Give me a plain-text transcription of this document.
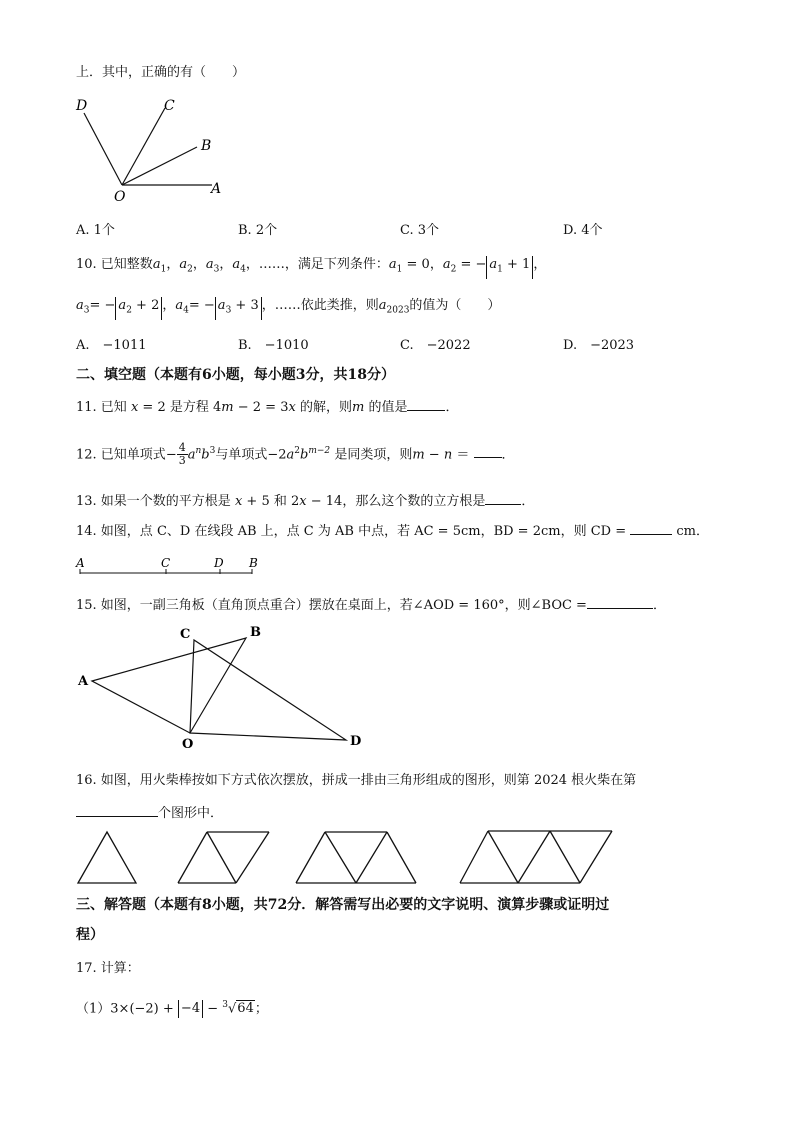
上．其中，正确的有（　　）
D	C
B
O	A
A. 1个	B. 2个	C. 3个	D. 4个
10. 已知整数$a_1$，$a_2$，$a_3$，$a_4$，……，满足下列条件：$a_1 = 0$，$a_2$ = − $a_1 + 1$ ，
$a_3= - a_2 + 2$ ，$a_4= - a_3 + 3$ ，……依此类推，则$a_{2023}$的值为（　　）
A.　−1011	B.　−1010	C.　−2022	D.　−2023
二、填空题（本题有6小题，每小题3分，共18分）
11. 已知 x = 2 是方程 4m − 2 = 3x 的解，则m 的值是	．
12. 已知单项式− $\frac{4}{3} a^nb^3$与单项式$-2a^2b^{m-2}$ 是同类项，则m − n ＝ ．
13. 如果一个数的平方根是 x + 5 和 2x − 14，那么这个数的立方根是	．
14. 如图，点 C、D 在线段 AB 上，点 C 为 AB 中点，若 AC = 5cm，BD = 2cm，则 CD =	cm．
A	C	D B
15. 如图，一副三角板（直角顶点重合）摆放在桌面上，若∠AOD = 160°，则∠BOC =	．
C	B
A
O	D
16. 如图，用火柴棒按如下方式依次摆放，拼成一排由三角形组成的图形，则第 2024 根火柴在第
个图形中．
三、解答题（本题有8小题，共72分．解答需写出必要的文字说明、演算步骤或证明过
程）
17. 计算：
（1）3×(−2) + −4 − $^3$√64；
